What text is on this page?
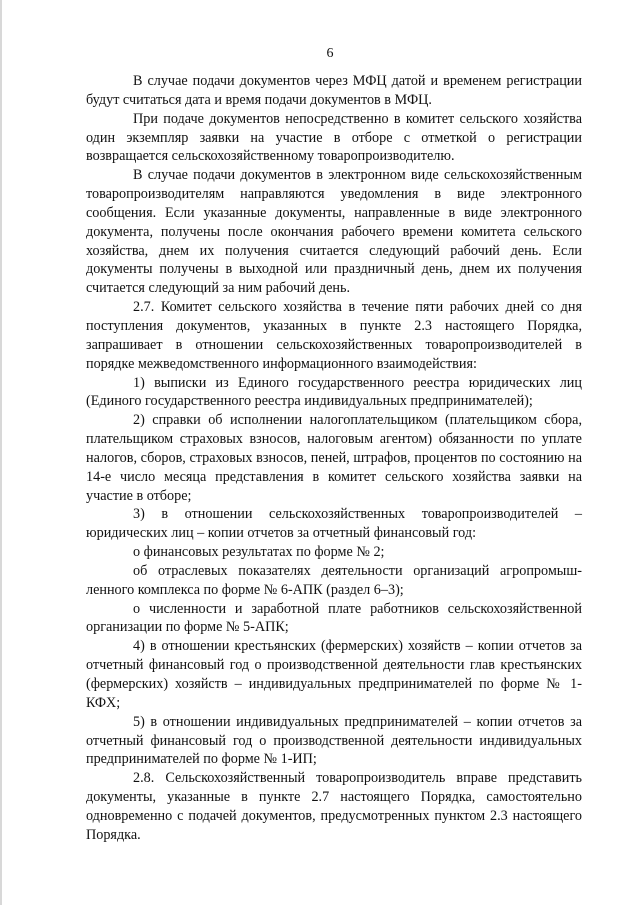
6

В случае подачи документов через МФЦ датой и временем регистрации будут считаться дата и время подачи документов в МФЦ.

При подаче документов непосредственно в комитет сельского хозяйства один экземпляр заявки на участие в отборе с отметкой о регистрации возвращается сельскохозяйственному товаропроизводителю.

В случае подачи документов в электронном виде сельскохозяйственным товаропроизводителям направляются уведомления в виде электронного сообщения. Если указанные документы, направленные в виде электронного документа, получены после окончания рабочего времени комитета сельского хозяйства, днем их получения считается следующий рабочий день. Если документы получены в выходной или праздничный день, днем их получения считается следующий за ним рабочий день.

2.7. Комитет сельского хозяйства в течение пяти рабочих дней со дня поступления документов, указанных в пункте 2.3 настоящего Порядка, запрашивает в отношении сельскохозяйственных товаропроизводителей в порядке межведомственного информационного взаимодействия:

1) выписки из Единого государственного реестра юридических лиц (Единого государственного реестра индивидуальных предпринимателей);

2) справки об исполнении налогоплательщиком (плательщиком сбора, плательщиком страховых взносов, налоговым агентом) обязанности по уплате налогов, сборов, страховых взносов, пеней, штрафов, процентов по состоянию на 14-е число месяца представления в комитет сельского хозяйства заявки на участие в отборе;

3) в отношении сельскохозяйственных товаропроизводителей – юридических лиц – копии отчетов за отчетный финансовый год:

о финансовых результатах по форме № 2;

об отраслевых показателях деятельности организаций агропромышленного комплекса по форме № 6-АПК (раздел 6–3);

о численности и заработной плате работников сельскохозяйственной организации по форме № 5-АПК;

4) в отношении крестьянских (фермерских) хозяйств – копии отчетов за отчетный финансовый год о производственной деятельности глав крестьянских (фермерских) хозяйств – индивидуальных предпринимателей по форме № 1-КФХ;

5) в отношении индивидуальных предпринимателей – копии отчетов за отчетный финансовый год о производственной деятельности индивидуальных предпринимателей по форме № 1-ИП;

2.8. Сельскохозяйственный товаропроизводитель вправе представить документы, указанные в пункте 2.7 настоящего Порядка, самостоятельно одновременно с подачей документов, предусмотренных пунктом 2.3 настоящего Порядка.
